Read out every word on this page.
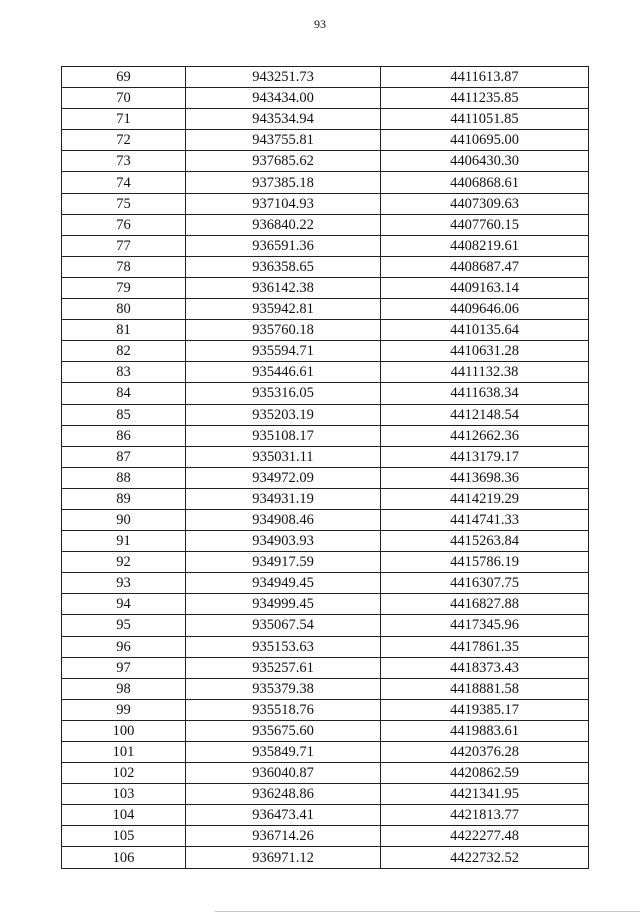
93
69	943251.73	4411613.87
70	943434.00	4411235.85
71	943534.94	4411051.85
72	943755.81	4410695.00
73	937685.62	4406430.30
74	937385.18	4406868.61
75	937104.93	4407309.63
76	936840.22	4407760.15
77	936591.36	4408219.61
78	936358.65	4408687.47
79	936142.38	4409163.14
80	935942.81	4409646.06
81	935760.18	4410135.64
82	935594.71	4410631.28
83	935446.61	4411132.38
84	935316.05	4411638.34
85	935203.19	4412148.54
86	935108.17	4412662.36
87	935031.11	4413179.17
88	934972.09	4413698.36
89	934931.19	4414219.29
90	934908.46	4414741.33
91	934903.93	4415263.84
92	934917.59	4415786.19
93	934949.45	4416307.75
94	934999.45	4416827.88
95	935067.54	4417345.96
96	935153.63	4417861.35
97	935257.61	4418373.43
98	935379.38	4418881.58
99	935518.76	4419385.17
100	935675.60	4419883.61
101	935849.71	4420376.28
102	936040.87	4420862.59
103	936248.86	4421341.95
104	936473.41	4421813.77
105	936714.26	4422277.48
106	936971.12	4422732.52
